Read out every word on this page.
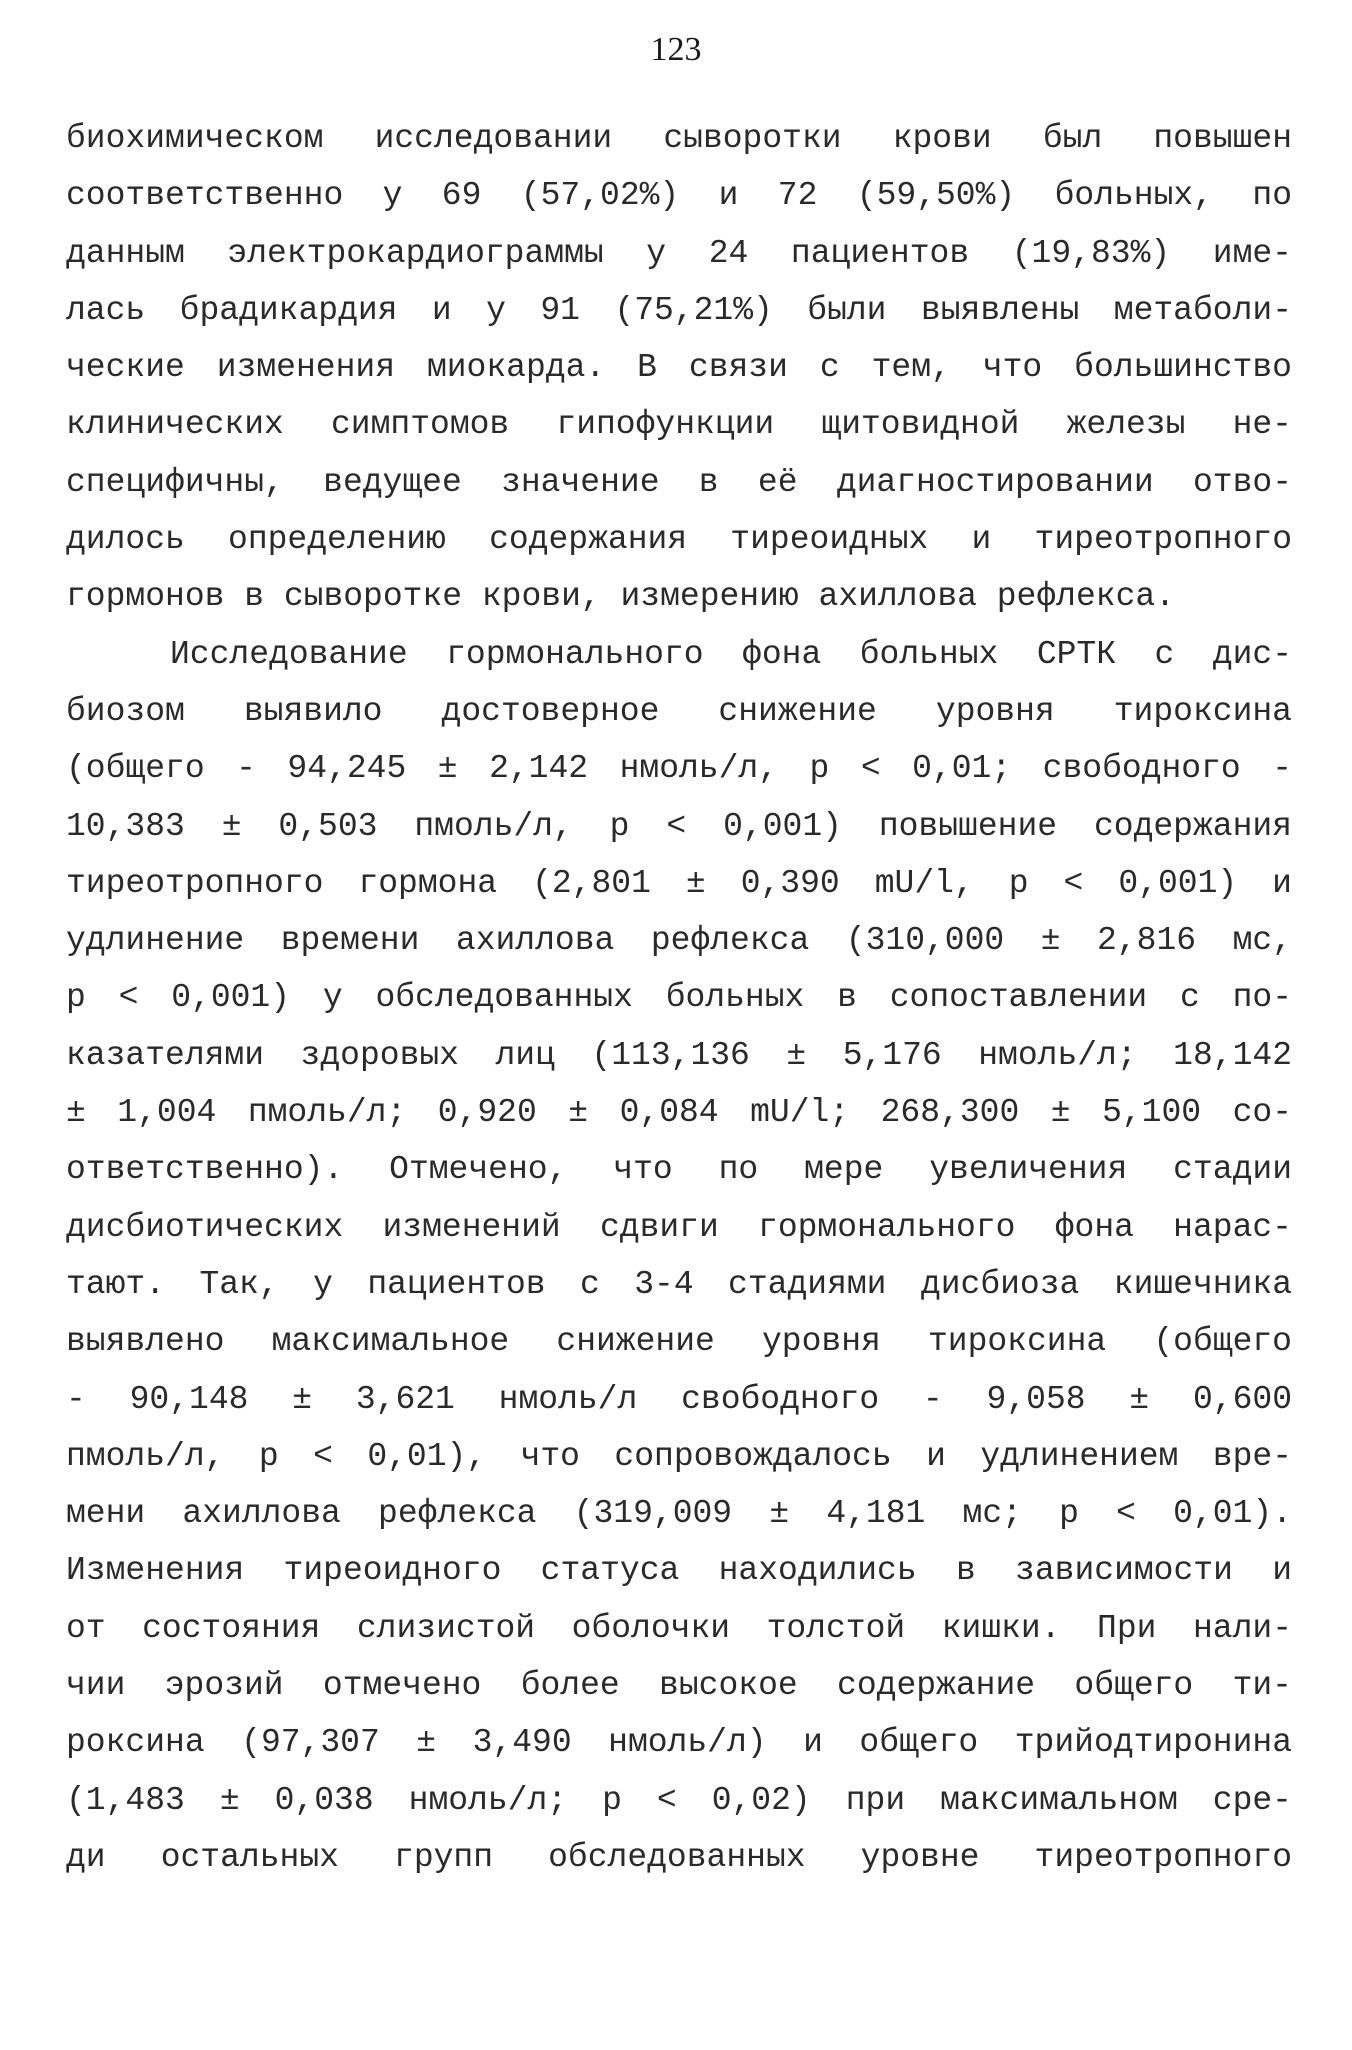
123
биохимическом исследовании сыворотки крови был повышен
соответственно у 69 (57,02%) и 72 (59,50%) больных, по
данным электрокардиограммы у 24 пациентов (19,83%) име-
лась брадикардия и у 91 (75,21%) были выявлены метаболи-
ческие изменения миокарда. В связи с тем, что большинство
клинических симптомов гипофункции щитовидной железы не-
специфичны, ведущее значение в её диагностировании отво-
дилось определению содержания тиреоидных и тиреотропного
гормонов в сыворотке крови, измерению ахиллова рефлекса.
Исследование гормонального фона больных СРТК с дис-
биозом выявило достоверное снижение уровня тироксина
(общего - 94,245 ± 2,142 нмоль/л, р < 0,01; свободного -
10,383 ± 0,503 пмоль/л, р < 0,001) повышение содержания
тиреотропного гормона (2,801 ± 0,390 mU/l, р < 0,001) и
удлинение времени ахиллова рефлекса (310,000 ± 2,816 мс,
р < 0,001) у обследованных больных в сопоставлении с по-
казателями здоровых лиц (113,136 ± 5,176 нмоль/л; 18,142
± 1,004 пмоль/л; 0,920 ± 0,084 mU/l; 268,300 ± 5,100 со-
ответственно). Отмечено, что по мере увеличения стадии
дисбиотических изменений сдвиги гормонального фона нарас-
тают. Так, у пациентов с 3-4 стадиями дисбиоза кишечника
выявлено максимальное снижение уровня тироксина (общего
- 90,148 ± 3,621 нмоль/л свободного - 9,058 ± 0,600
пмоль/л, р < 0,01), что сопровождалось и удлинением вре-
мени ахиллова рефлекса (319,009 ± 4,181 мс; р < 0,01).
Изменения тиреоидного статуса находились в зависимости и
от состояния слизистой оболочки толстой кишки. При нали-
чии эрозий отмечено более высокое содержание общего ти-
роксина (97,307 ± 3,490 нмоль/л) и общего трийодтиронина
(1,483 ± 0,038 нмоль/л; р < 0,02) при максимальном сре-
ди остальных групп обследованных уровне тиреотропного
